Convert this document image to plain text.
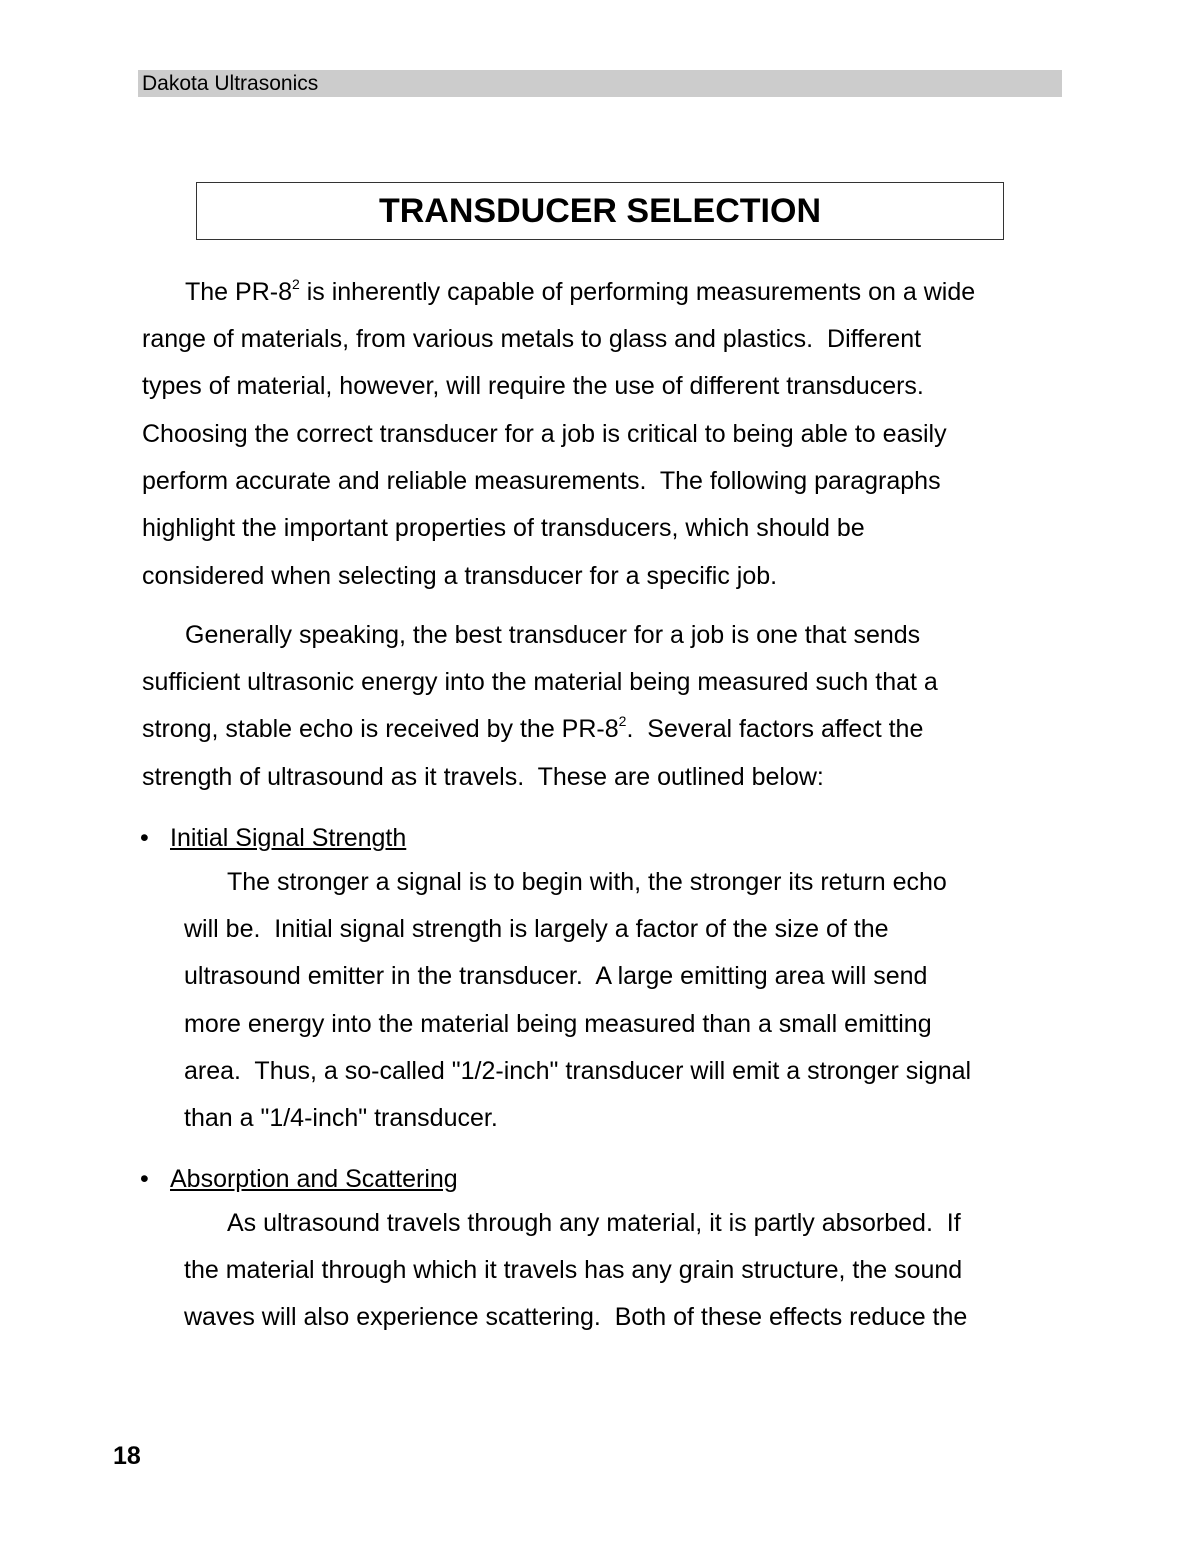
Dakota Ultrasonics
TRANSDUCER SELECTION
The $PR-8^2$ is inherently capable of performing measurements on a wide
range of materials, from various metals to glass and plastics.  Different
types of material, however, will require the use of different transducers.
Choosing the correct transducer for a job is critical to being able to easily
perform accurate and reliable measurements.  The following paragraphs
highlight the important properties of transducers, which should be
considered when selecting a transducer for a specific job.
Generally speaking, the best transducer for a job is one that sends
sufficient ultrasonic energy into the material being measured such that a
strong, stable echo is received by the $PR-8^2$.  Several factors affect the
strength of ultrasound as it travels.  These are outlined below:
• Initial Signal Strength
The stronger a signal is to begin with, the stronger its return echo
will be.  Initial signal strength is largely a factor of the size of the
ultrasound emitter in the transducer.  A large emitting area will send
more energy into the material being measured than a small emitting
area.  Thus, a so-called "1/2-inch" transducer will emit a stronger signal
than a "1/4-inch" transducer.
• Absorption and Scattering
As ultrasound travels through any material, it is partly absorbed.  If
the material through which it travels has any grain structure, the sound
waves will also experience scattering.  Both of these effects reduce the
18
